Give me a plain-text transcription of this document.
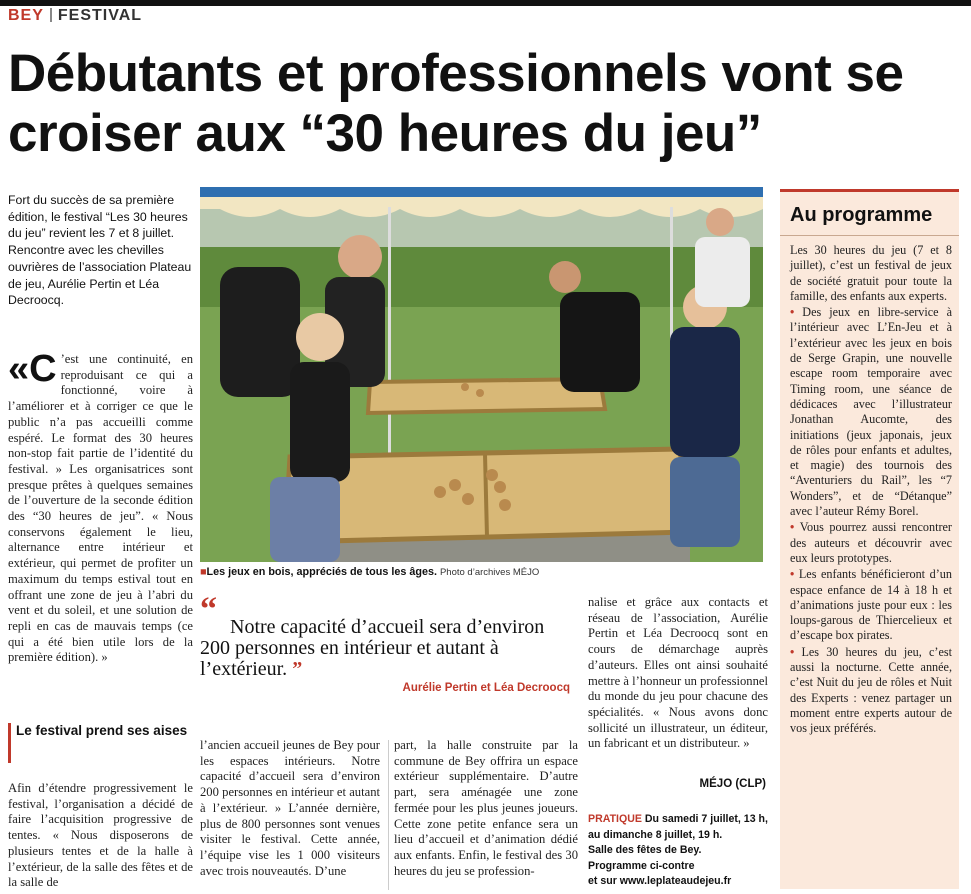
BEY FESTIVAL
Débutants et professionnels vont se croiser aux “30 heures du jeu”
Fort du succès de sa première édition, le festival “Les 30 heures du jeu” revient les 7 et 8 juillet. Rencontre avec les chevilles ouvrières de l’association Plateau de jeu, Aurélie Pertin et Léa Decroocq.
«C ’est une continuité, en reproduisant ce qui a fonctionné, voire à l’améliorer et à corriger ce que le public n’a pas accueilli comme espéré. Le format des 30 heures non-stop fait partie de l’identité du festival. » Les organisatrices sont presque prêtes à quelques semaines de l’ouverture de la seconde édition des “30 heures de jeu”. « Nous conservons également le lieu, alternance entre intérieur et extérieur, qui permet de profiter un maximum du temps estival tout en offrant une zone de jeu à l’abri du vent et du soleil, et une solution de repli en cas de mauvais temps (ce qui a été bien utile lors de la première édition). »
Le festival prend ses aises
Afin d’étendre progressivement le festival, l’organisation a décidé de faire l’acquisition progressive de tentes. « Nous disposerons de plusieurs tentes et de la halle à l’extérieur, de la salle des fêtes et de la salle de
■Les jeux en bois, appréciés de tous les âges. Photo d’archives MÉJO
“ Notre capacité d’accueil sera d’environ 200 personnes en intérieur et autant à l’extérieur. ”
Aurélie Pertin et Léa Decroocq
l’ancien accueil jeunes de Bey pour les espaces intérieurs. Notre capacité d’accueil sera d’environ 200 personnes en intérieur et autant à l’extérieur. » L’année dernière, plus de 800 personnes sont venues visiter le festival. Cette année, l’équipe vise les 1 000 visiteurs avec trois nouveautés. D’une
part, la halle construite par la commune de Bey offrira un espace extérieur supplémentaire. D’autre part, sera aménagée une zone fermée pour les plus jeunes joueurs. Cette zone petite enfance sera un lieu d’accueil et d’animation dédié aux enfants. Enfin, le festival des 30 heures du jeu se profession-
nalise et grâce aux contacts et réseau de l’association, Aurélie Pertin et Léa Decroocq sont en cours de démarchage auprès d’auteurs. Elles ont ainsi souhaité mettre à l’honneur un professionnel du monde du jeu pour chacune des spécialités. « Nous avons donc sollicité un illustrateur, un éditeur, un fabricant et un distributeur. »
MÉJO (CLP)
PRATIQUE Du samedi 7 juillet, 13 h, au dimanche 8 juillet, 19 h.
Salle des fêtes de Bey.
Programme ci-contre
et sur www.leplateaudejeu.fr
Au programme

Les 30 heures du jeu (7 et 8 juillet), c’est un festival de jeux de société gratuit pour toute la famille, des enfants aux experts.

• Des jeux en libre-service à l’intérieur avec L’En-Jeu et à l’extérieur avec les jeux en bois de Serge Grapin, une nouvelle escape room temporaire avec Timing room, une séance de dédicaces avec l’illustrateur Jonathan Aucomte, des initiations (jeux japonais, jeux de rôles pour enfants et adultes, et magie) des tournois des “Aventuriers du Rail”, les “7 Wonders”, et de “Détanque” avec l’auteur Rémy Borel.

• Vous pourrez aussi rencontrer des auteurs et découvrir avec eux leurs prototypes.

• Les enfants bénéficieront d’un espace enfance de 14 à 18 h et d’animations juste pour eux : les loups-garous de Thiercelieux et d’escape box pirates.

• Les 30 heures du jeu, c’est aussi la nocturne. Cette année, c’est Nuit du jeu de rôles et Nuit des Experts : venez partager un moment entre experts autour de vos jeux préférés.
